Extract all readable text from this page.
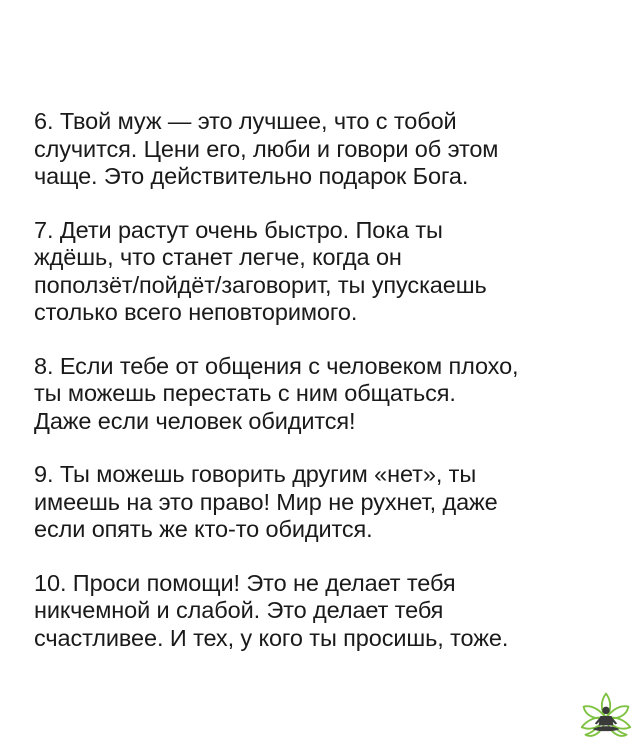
6. Твой муж — это лучшее, что с тобой
случится. Цени его, люби и говори об этом
чаще. Это действительно подарок Бога.

7. Дети растут очень быстро. Пока ты
ждёшь, что станет легче, когда он
поползёт/пойдёт/заговорит, ты упускаешь
столько всего неповторимого.

8. Если тебе от общения с человеком плохо,
ты можешь перестать с ним общаться.
Даже если человек обидится!

9. Ты можешь говорить другим «нет», ты
имеешь на это право! Мир не рухнет, даже
если опять же кто-то обидится.

10. Проси помощи! Это не делает тебя
никчемной и слабой. Это делает тебя
счастливее. И тех, у кого ты просишь, тоже.
